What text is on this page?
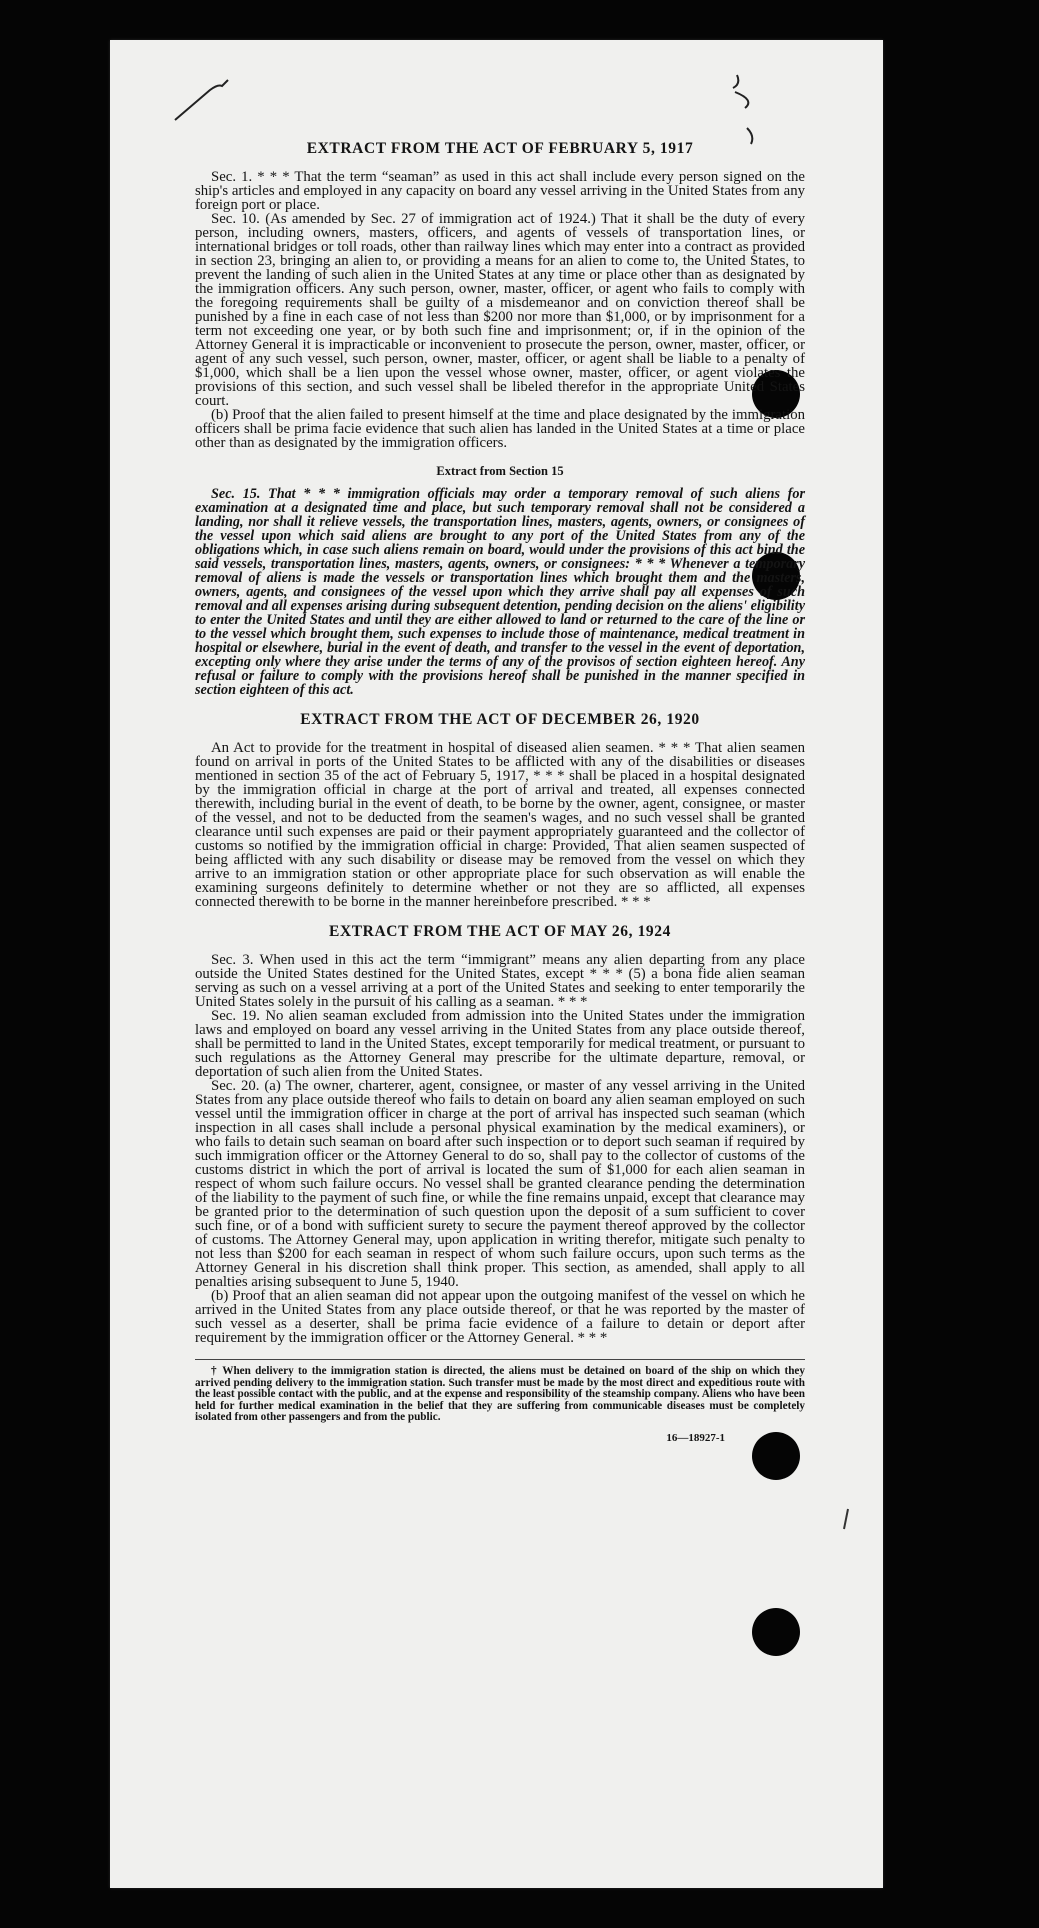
EXTRACT FROM THE ACT OF FEBRUARY 5, 1917

Sec. 1. * * * That the term “seaman” as used in this act shall include every person signed on the ship's articles and employed in any capacity on board any vessel arriving in the United States from any foreign port or place.

Sec. 10. (As amended by Sec. 27 of immigration act of 1924.) That it shall be the duty of every person, including owners, masters, officers, and agents of vessels of transportation lines, or international bridges or toll roads, other than railway lines which may enter into a contract as provided in section 23, bringing an alien to, or providing a means for an alien to come to, the United States, to prevent the landing of such alien in the United States at any time or place other than as designated by the immigration officers. Any such person, owner, master, officer, or agent who fails to comply with the foregoing requirements shall be guilty of a misdemeanor and on conviction thereof shall be punished by a fine in each case of not less than $200 nor more than $1,000, or by imprisonment for a term not exceeding one year, or by both such fine and imprisonment; or, if in the opinion of the Attorney General it is impracticable or inconvenient to prosecute the person, owner, master, officer, or agent of any such vessel, such person, owner, master, officer, or agent shall be liable to a penalty of $1,000, which shall be a lien upon the vessel whose owner, master, officer, or agent violates the provisions of this section, and such vessel shall be libeled therefor in the appropriate United States court.

(b) Proof that the alien failed to present himself at the time and place designated by the immigration officers shall be prima facie evidence that such alien has landed in the United States at a time or place other than as designated by the immigration officers.

Extract from Section 15

Sec. 15. That * * * immigration officials may order a temporary removal of such aliens for examination at a designated time and place, but such temporary removal shall not be considered a landing, nor shall it relieve vessels, the transportation lines, masters, agents, owners, or consignees of the vessel upon which said aliens are brought to any port of the United States from any of the obligations which, in case such aliens remain on board, would under the provisions of this act bind the said vessels, transportation lines, masters, agents, owners, or consignees: * * * Whenever a temporary removal of aliens is made the vessels or transportation lines which brought them and the masters, owners, agents, and consignees of the vessel upon which they arrive shall pay all expenses of such removal and all expenses arising during subsequent detention, pending decision on the aliens' eligibility to enter the United States and until they are either allowed to land or returned to the care of the line or to the vessel which brought them, such expenses to include those of maintenance, medical treatment in hospital or elsewhere, burial in the event of death, and transfer to the vessel in the event of deportation, excepting only where they arise under the terms of any of the provisos of section eighteen hereof. Any refusal or failure to comply with the provisions hereof shall be punished in the manner specified in section eighteen of this act.

EXTRACT FROM THE ACT OF DECEMBER 26, 1920

An Act to provide for the treatment in hospital of diseased alien seamen. * * * That alien seamen found on arrival in ports of the United States to be afflicted with any of the disabilities or diseases mentioned in section 35 of the act of February 5, 1917, * * * shall be placed in a hospital designated by the immigration official in charge at the port of arrival and treated, all expenses connected therewith, including burial in the event of death, to be borne by the owner, agent, consignee, or master of the vessel, and not to be deducted from the seamen's wages, and no such vessel shall be granted clearance until such expenses are paid or their payment appropriately guaranteed and the collector of customs so notified by the immigration official in charge: Provided, That alien seamen suspected of being afflicted with any such disability or disease may be removed from the vessel on which they arrive to an immigration station or other appropriate place for such observation as will enable the examining surgeons definitely to determine whether or not they are so afflicted, all expenses connected therewith to be borne in the manner hereinbefore prescribed. * * *

EXTRACT FROM THE ACT OF MAY 26, 1924

Sec. 3. When used in this act the term “immigrant” means any alien departing from any place outside the United States destined for the United States, except * * * (5) a bona fide alien seaman serving as such on a vessel arriving at a port of the United States and seeking to enter temporarily the United States solely in the pursuit of his calling as a seaman. * * *

Sec. 19. No alien seaman excluded from admission into the United States under the immigration laws and employed on board any vessel arriving in the United States from any place outside thereof, shall be permitted to land in the United States, except temporarily for medical treatment, or pursuant to such regulations as the Attorney General may prescribe for the ultimate departure, removal, or deportation of such alien from the United States.

Sec. 20. (a) The owner, charterer, agent, consignee, or master of any vessel arriving in the United States from any place outside thereof who fails to detain on board any alien seaman employed on such vessel until the immigration officer in charge at the port of arrival has inspected such seaman (which inspection in all cases shall include a personal physical examination by the medical examiners), or who fails to detain such seaman on board after such inspection or to deport such seaman if required by such immigration officer or the Attorney General to do so, shall pay to the collector of customs of the customs district in which the port of arrival is located the sum of $1,000 for each alien seaman in respect of whom such failure occurs. No vessel shall be granted clearance pending the determination of the liability to the payment of such fine, or while the fine remains unpaid, except that clearance may be granted prior to the determination of such question upon the deposit of a sum sufficient to cover such fine, or of a bond with sufficient surety to secure the payment thereof approved by the collector of customs. The Attorney General may, upon application in writing therefor, mitigate such penalty to not less than $200 for each seaman in respect of whom such failure occurs, upon such terms as the Attorney General in his discretion shall think proper. This section, as amended, shall apply to all penalties arising subsequent to June 5, 1940.

(b) Proof that an alien seaman did not appear upon the outgoing manifest of the vessel on which he arrived in the United States from any place outside thereof, or that he was reported by the master of such vessel as a deserter, shall be prima facie evidence of a failure to detain or deport after requirement by the immigration officer or the Attorney General. * * *

† When delivery to the immigration station is directed, the aliens must be detained on board of the ship on which they arrived pending delivery to the immigration station. Such transfer must be made by the most direct and expeditious route with the least possible contact with the public, and at the expense and responsibility of the steamship company. Aliens who have been held for further medical examination in the belief that they are suffering from communicable diseases must be completely isolated from other passengers and from the public.

16—18927-1
